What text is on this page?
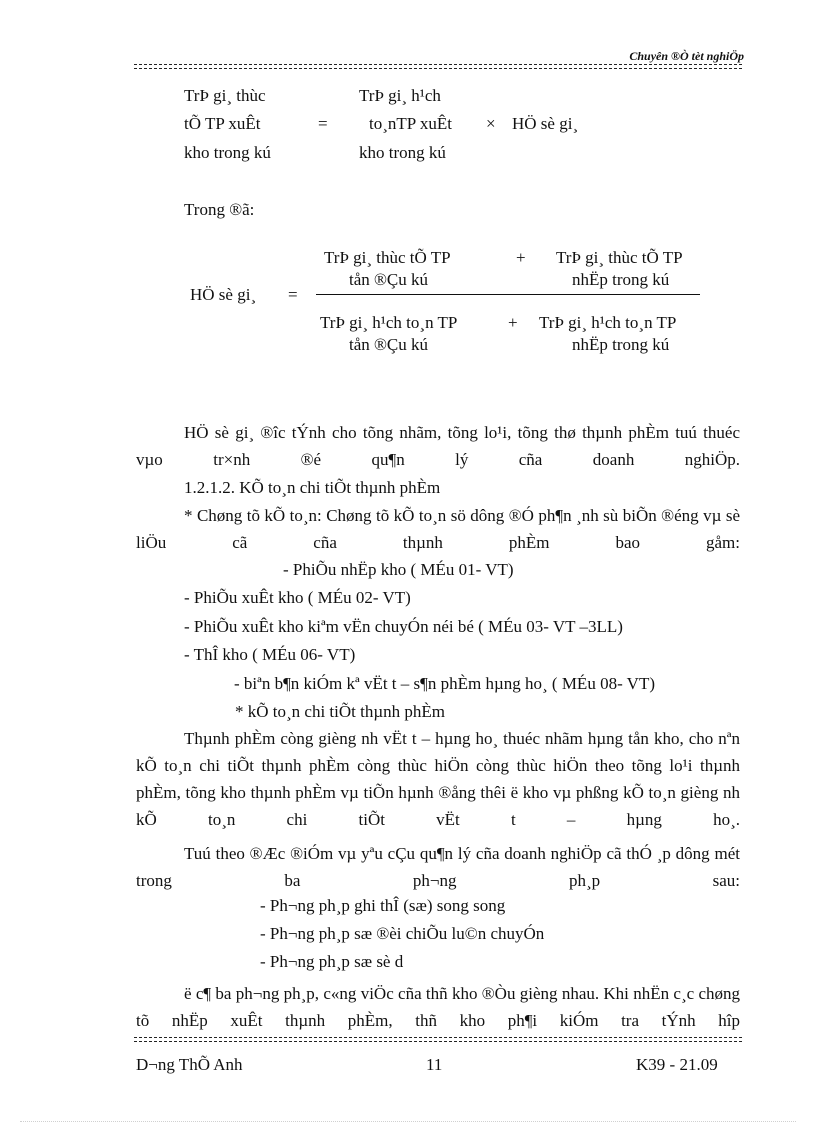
Chuyên ®Ò tèt nghiÖp
TrÞ gi¸ thùc
tÕ TP xuÊt
kho trong kú
=
TrÞ gi¸ h¹ch
to¸nTP xuÊt
kho trong kú
× HÖ sè gi¸
Trong ®ã:
HÖ sè gi¸ =
TrÞ gi¸ thùc tÕ TP
tån ®Çu kú
+ TrÞ gi¸ thùc tÕ TP
nhËp trong kú
TrÞ gi¸ h¹ch to¸n TP
tån ®Çu kú
+ TrÞ gi¸ h¹ch to¸n TP
nhËp trong kú
HÖ sè gi¸ ®îc tÝnh cho tõng nhãm, tõng lo¹i, tõng thø thµnh phÈm tuú thuéc vµo tr×nh ®é qu¶n lý cña doanh nghiÖp.
1.2.1.2. KÕ to¸n chi tiÕt thµnh phÈm
* Chøng tõ kÕ to¸n: Chøng tõ kÕ to¸n sö dông ®Ó ph¶n ¸nh sù biÕn ®éng vµ sè liÖu cã cña thµnh phÈm bao gåm:
- PhiÕu nhËp kho ( MÉu 01- VT)
- PhiÕu xuÊt kho ( MÉu 02- VT)
- PhiÕu xuÊt kho kiªm vËn chuyÓn néi bé ( MÉu 03- VT –3LL)
- ThÎ kho ( MÉu 06- VT)
- biªn b¶n kiÓm kª vËt t – s¶n phÈm hµng ho¸ ( MÉu 08- VT)
* kÕ to¸n chi tiÕt thµnh phÈm
Thµnh phÈm còng gièng nh vËt t – hµng ho¸ thuéc nhãm hµng tån kho, cho nªn kÕ to¸n chi tiÕt thµnh phÈm còng thùc hiÖn còng thùc hiÖn theo tõng lo¹i thµnh phÈm, tõng kho thµnh phÈm vµ tiÕn hµnh ®ång thêi ë kho vµ phßng kÕ to¸n gièng nh kÕ to¸n chi tiÕt vËt t – hµng ho¸.
Tuú theo ®Æc ®iÓm vµ yªu cÇu qu¶n lý cña doanh nghiÖp cã thÓ ¸p dông mét trong ba ph¬ng ph¸p sau:
- Ph¬ng ph¸p ghi thÎ (sæ) song song
- Ph¬ng ph¸p sæ ®èi chiÕu lu©n chuyÓn
- Ph¬ng ph¸p sæ sè d
ë c¶ ba ph¬ng ph¸p, c«ng viÖc cña thñ kho ®Òu gièng nhau. Khi nhËn c¸c chøng tõ nhËp xuÊt thµnh phÈm, thñ kho ph¶i kiÓm tra tÝnh hîp
D¬ng ThÕ Anh	11	K39 - 21.09
